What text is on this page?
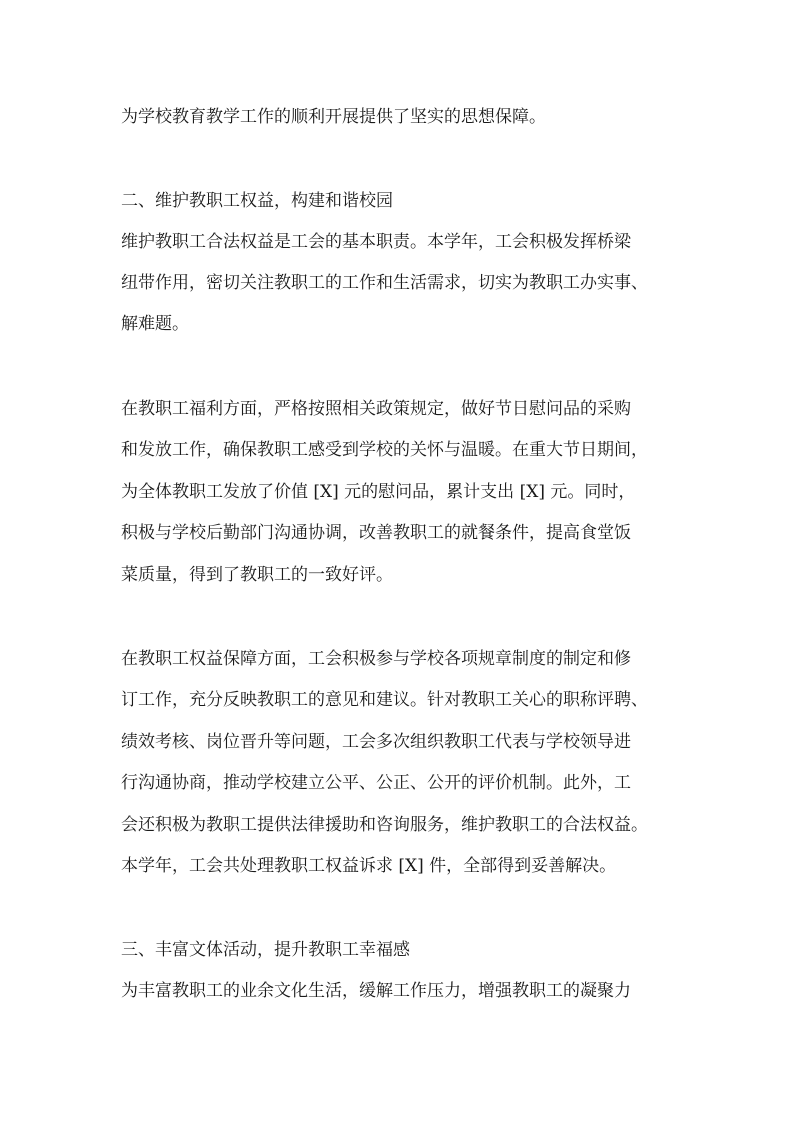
为学校教育教学工作的顺利开展提供了坚实的思想保障。
二、维护教职工权益，构建和谐校园
维护教职工合法权益是工会的基本职责。本学年，工会积极发挥桥梁
纽带作用，密切关注教职工的工作和生活需求，切实为教职工办实事、
解难题。
在教职工福利方面，严格按照相关政策规定，做好节日慰问品的采购
和发放工作，确保教职工感受到学校的关怀与温暖。在重大节日期间，
为全体教职工发放了价值 [X] 元的慰问品，累计支出 [X] 元。同时，
积极与学校后勤部门沟通协调，改善教职工的就餐条件，提高食堂饭
菜质量，得到了教职工的一致好评。
在教职工权益保障方面，工会积极参与学校各项规章制度的制定和修
订工作，充分反映教职工的意见和建议。针对教职工关心的职称评聘、
绩效考核、岗位晋升等问题，工会多次组织教职工代表与学校领导进
行沟通协商，推动学校建立公平、公正、公开的评价机制。此外，工
会还积极为教职工提供法律援助和咨询服务，维护教职工的合法权益。
本学年，工会共处理教职工权益诉求 [X] 件，全部得到妥善解决。
三、丰富文体活动，提升教职工幸福感
为丰富教职工的业余文化生活，缓解工作压力，增强教职工的凝聚力
